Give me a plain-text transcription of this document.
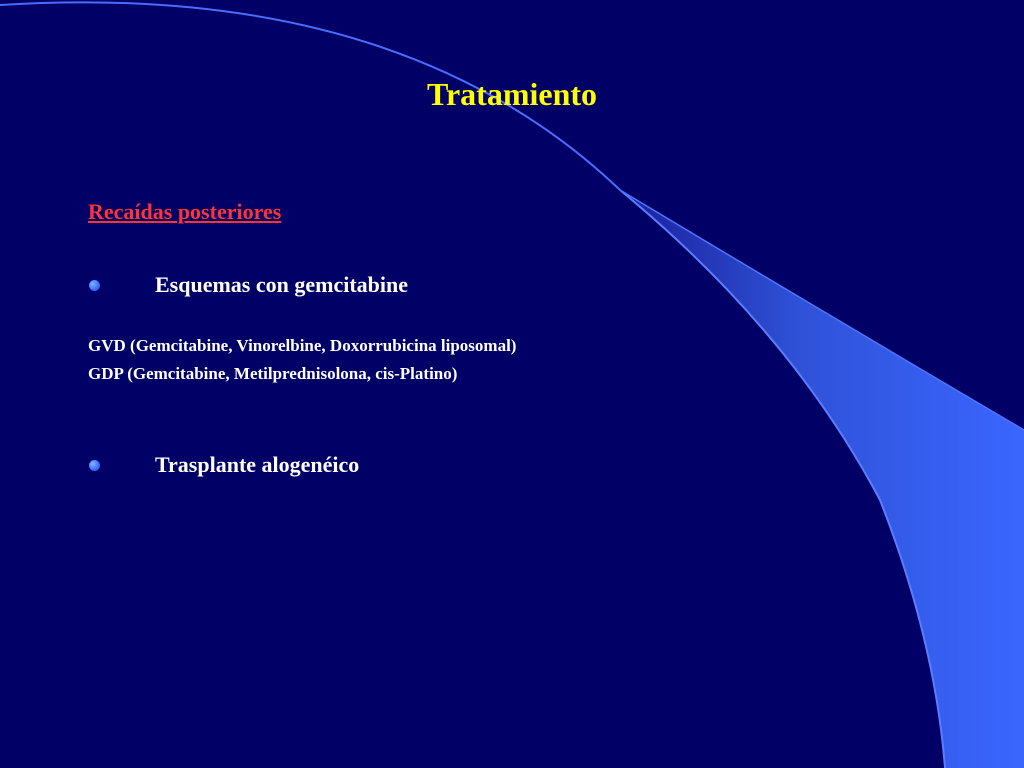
Tratamiento
Recaídas posteriores
Esquemas con gemcitabine
GVD (Gemcitabine, Vinorelbine, Doxorrubicina liposomal)
GDP (Gemcitabine, Metilprednisolona, cis-Platino)
Trasplante alogenéico
